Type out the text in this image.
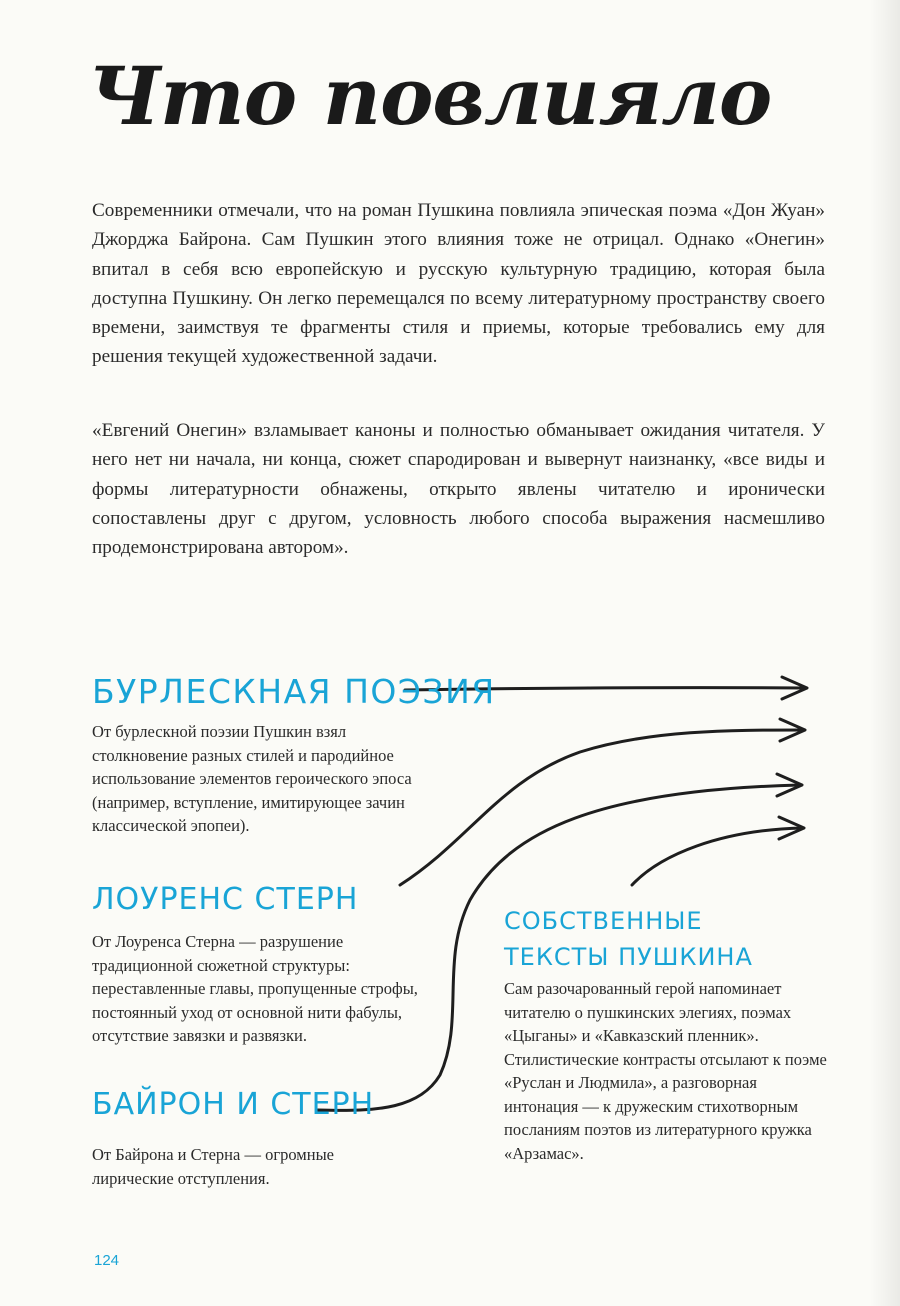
Что повлияло

Современники отмечали, что на роман Пушкина повлияла эпическая поэма «Дон Жуан» Джорджа Байрона. Сам Пушкин этого влияния тоже не отрицал. Однако «Онегин» впитал в себя всю европейскую и русскую культурную традицию, которая была доступна Пушкину. Он легко перемещался по всему литературному пространству своего времени, заимствуя те фрагменты стиля и приемы, которые требовались ему для решения текущей художественной задачи.

«Евгений Онегин» взламывает каноны и полностью обманывает ожидания читателя. У него нет ни начала, ни конца, сюжет спародирован и вывернут наизнанку, «все виды и формы литературности обнажены, открыто явлены читателю и иронически сопоставлены друг с другом, условность любого способа выражения насмешливо продемонстрирована автором».

БУРЛЕСКНАЯ ПОЭЗИЯ

От бурлескной поэзии Пушкин взял столкновение разных стилей и пародийное использование элементов героического эпоса (например, вступление, имитирующее зачин классической эпопеи).

ЛОУРЕНС СТЕРН

От Лоуренса Стерна — разрушение традиционной сюжетной структуры: переставленные главы, пропущенные строфы, постоянный уход от основной нити фабулы, отсутствие завязки и развязки.

БАЙРОН И СТЕРН

От Байрона и Стерна — огромные лирические отступления.

СОБСТВЕННЫЕ
ТЕКСТЫ ПУШКИНА

Сам разочарованный герой напоминает читателю о пушкинских элегиях, поэмах «Цыганы» и «Кавказский пленник». Стилистические контрасты отсылают к поэме «Руслан и Людмила», а разговорная интонация — к дружеским стихотворным посланиям поэтов из литературного кружка «Арзамас».

124
